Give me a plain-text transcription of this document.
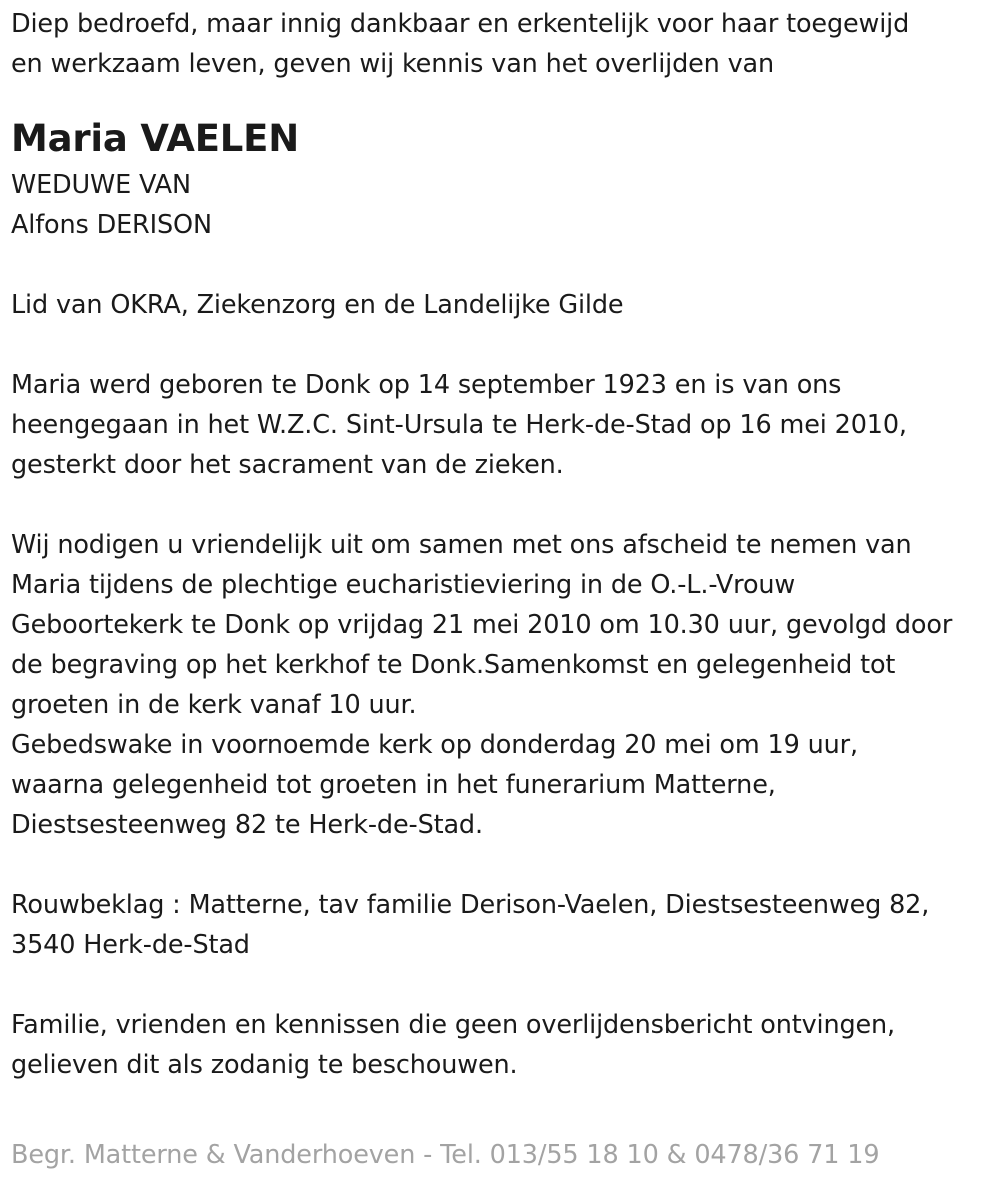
Diep bedroefd, maar innig dankbaar en erkentelijk voor haar toegewijd
en werkzaam leven, geven wij kennis van het overlijden van
Maria VAELEN
WEDUWE VAN
Alfons DERISON
Lid van OKRA, Ziekenzorg en de Landelijke Gilde
Maria werd geboren te Donk op 14 september 1923 en is van ons
heengegaan in het W.Z.C. Sint-Ursula te Herk-de-Stad op 16 mei 2010,
gesterkt door het sacrament van de zieken.
Wij nodigen u vriendelijk uit om samen met ons afscheid te nemen van
Maria tijdens de plechtige eucharistieviering in de O.-L.-Vrouw
Geboortekerk te Donk op vrijdag 21 mei 2010 om 10.30 uur, gevolgd door
de begraving op het kerkhof te Donk.Samenkomst en gelegenheid tot
groeten in de kerk vanaf 10 uur.
Gebedswake in voornoemde kerk op donderdag 20 mei om 19 uur,
waarna gelegenheid tot groeten in het funerarium Matterne,
Diestsesteenweg 82 te Herk-de-Stad.
Rouwbeklag : Matterne, tav familie Derison-Vaelen, Diestsesteenweg 82,
3540 Herk-de-Stad
Familie, vrienden en kennissen die geen overlijdensbericht ontvingen,
gelieven dit als zodanig te beschouwen.
Begr. Matterne & Vanderhoeven - Tel. 013/55 18 10 & 0478/36 71 19
